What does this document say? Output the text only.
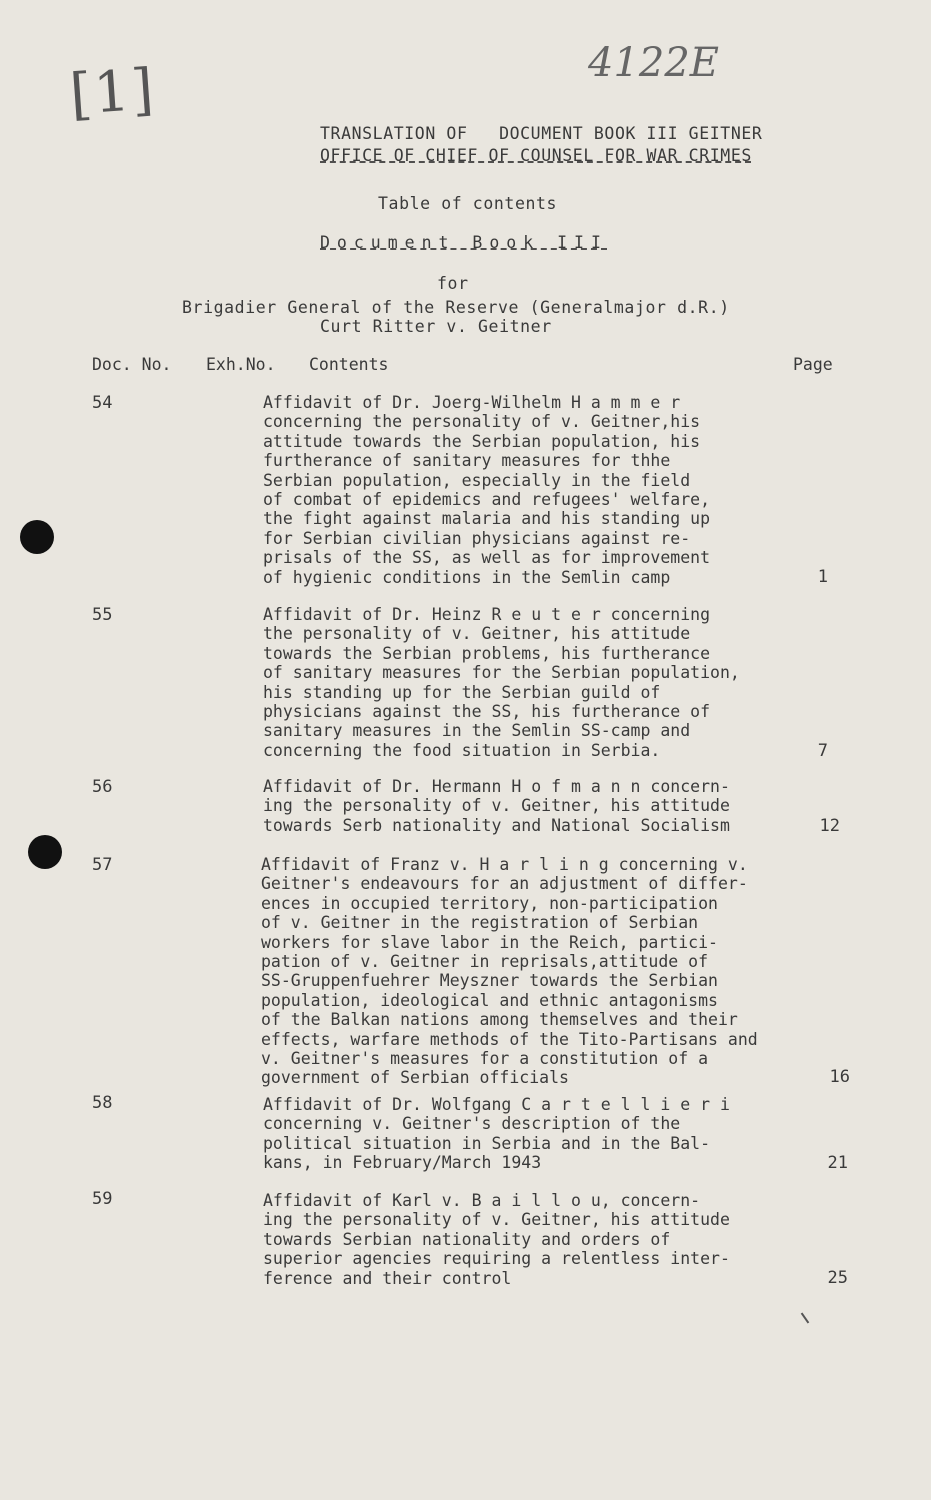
[1]	4122E
TRANSLATION OF   DOCUMENT BOOK III GEITNER
OFFICE OF CHIEF OF COUNSEL FOR WAR CRIMES
Table of contents
Document Book III
for
Brigadier General of the Reserve (Generalmajor d.R.)
Curt Ritter v. Geitner
Doc. No. Exh.No. Contents	Page
54	Affidavit of Dr. Joerg-Wilhelm H a m m e r
concerning the personality of v. Geitner,his
attitude towards the Serbian population, his
furtherance of sanitary measures for thhe
Serbian population, especially in the field
of combat of epidemics and refugees' welfare,
the fight against malaria and his standing up
for Serbian civilian physicians against re-
prisals of the SS, as well as for improvement
of hygienic conditions in the Semlin camp	1
55	Affidavit of Dr. Heinz R e u t e r concerning
the personality of v. Geitner, his attitude
towards the Serbian problems, his furtherance
of sanitary measures for the Serbian population,
his standing up for the Serbian guild of
physicians against the SS, his furtherance of
sanitary measures in the Semlin SS-camp and
concerning the food situation in Serbia.	7
56	Affidavit of Dr. Hermann H o f m a n n concern-
ing the personality of v. Geitner, his attitude
towards Serb nationality and National Socialism	12
57	Affidavit of Franz v. H a r l i n g concerning v.
Geitner's endeavours for an adjustment of differ-
ences in occupied territory, non-participation
of v. Geitner in the registration of Serbian
workers for slave labor in the Reich, partici-
pation of v. Geitner in reprisals,attitude of
SS-Gruppenfuehrer Meyszner towards the Serbian
population, ideological and ethnic antagonisms
of the Balkan nations among themselves and their
effects, warfare methods of the Tito-Partisans and
v. Geitner's measures for a constitution of a
government of Serbian officials	16
58	Affidavit of Dr. Wolfgang C a r t e l l i e r i
concerning v. Geitner's description of the
political situation in Serbia and in the Bal-
kans, in February/March 1943	21
59	Affidavit of Karl v. B a i l l o u, concern-
ing the personality of v. Geitner, his attitude
towards Serbian nationality and orders of
superior agencies requiring a relentless inter-
ference and their control	25
